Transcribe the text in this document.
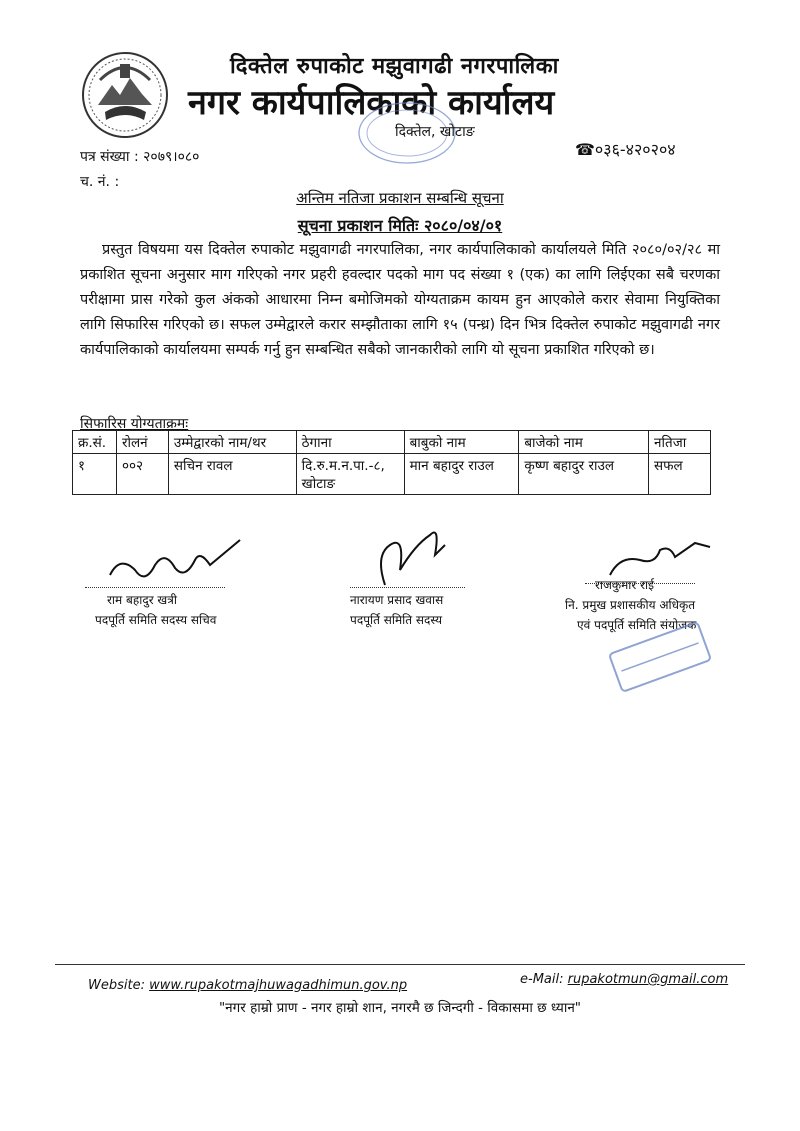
दिक्तेल रुपाकोट मझुवागढी नगरपालिका
नगर कार्यपालिकाको कार्यालय
दिक्तेल, खोटाङ
पत्र संख्या : २०७९।०८०
च. नं. :
☎०३६-४२०२०४
अन्तिम नतिजा प्रकाशन सम्बन्धि सूचना
सूचना प्रकाशन मितिः २०८०/०४/०१
प्रस्तुत विषयमा यस दिक्तेल रुपाकोट मझुवागढी नगरपालिका, नगर कार्यपालिकाको कार्यालयले मिति २०८०/०२/२८ मा प्रकाशित सूचना अनुसार माग गरिएको नगर प्रहरी हवल्दार पदको माग पद संख्या १ (एक) का लागि लिईएका सबै चरणका परीक्षामा प्रास गरेको कुल अंकको आधारमा निम्न बमोजिमको योग्यताक्रम कायम हुन आएकोले करार सेवामा नियुक्तिका लागि सिफारिस गरिएको छ। सफल उम्मेद्वारले करार सम्झौताका लागि १५ (पन्ध्र) दिन भित्र दिक्तेल रुपाकोट मझुवागढी नगर कार्यपालिकाको कार्यालयमा सम्पर्क गर्नु हुन सम्बन्धित सबैको जानकारीको लागि यो सूचना प्रकाशित गरिएको छ।
सिफारिस योग्यताक्रमः
क्र.सं.	रोलनं	उम्मेद्वारको नाम/थर	ठेगाना	बाबुको नाम	बाजेको नाम	नतिजा
१	००२	सचिन रावल	दि.रु.म.न.पा.-८, खोटाङ	मान बहादुर राउल	कृष्ण बहादुर राउल	सफल
राम बहादुर खत्री
पदपूर्ति समिति सदस्य सचिव
नारायण प्रसाद खवास
पदपूर्ति समिति सदस्य
राजकुमार राई
नि. प्रमुख प्रशासकीय अधिकृत
एवं पदपूर्ति समिति संयोजक
Website: www.rupakotmajhuwagadhimun.gov.np	e-Mail: rupakotmun@gmail.com
"नगर हाम्रो प्राण - नगर हाम्रो शान, नगरमै छ जिन्दगी - विकासमा छ ध्यान"
